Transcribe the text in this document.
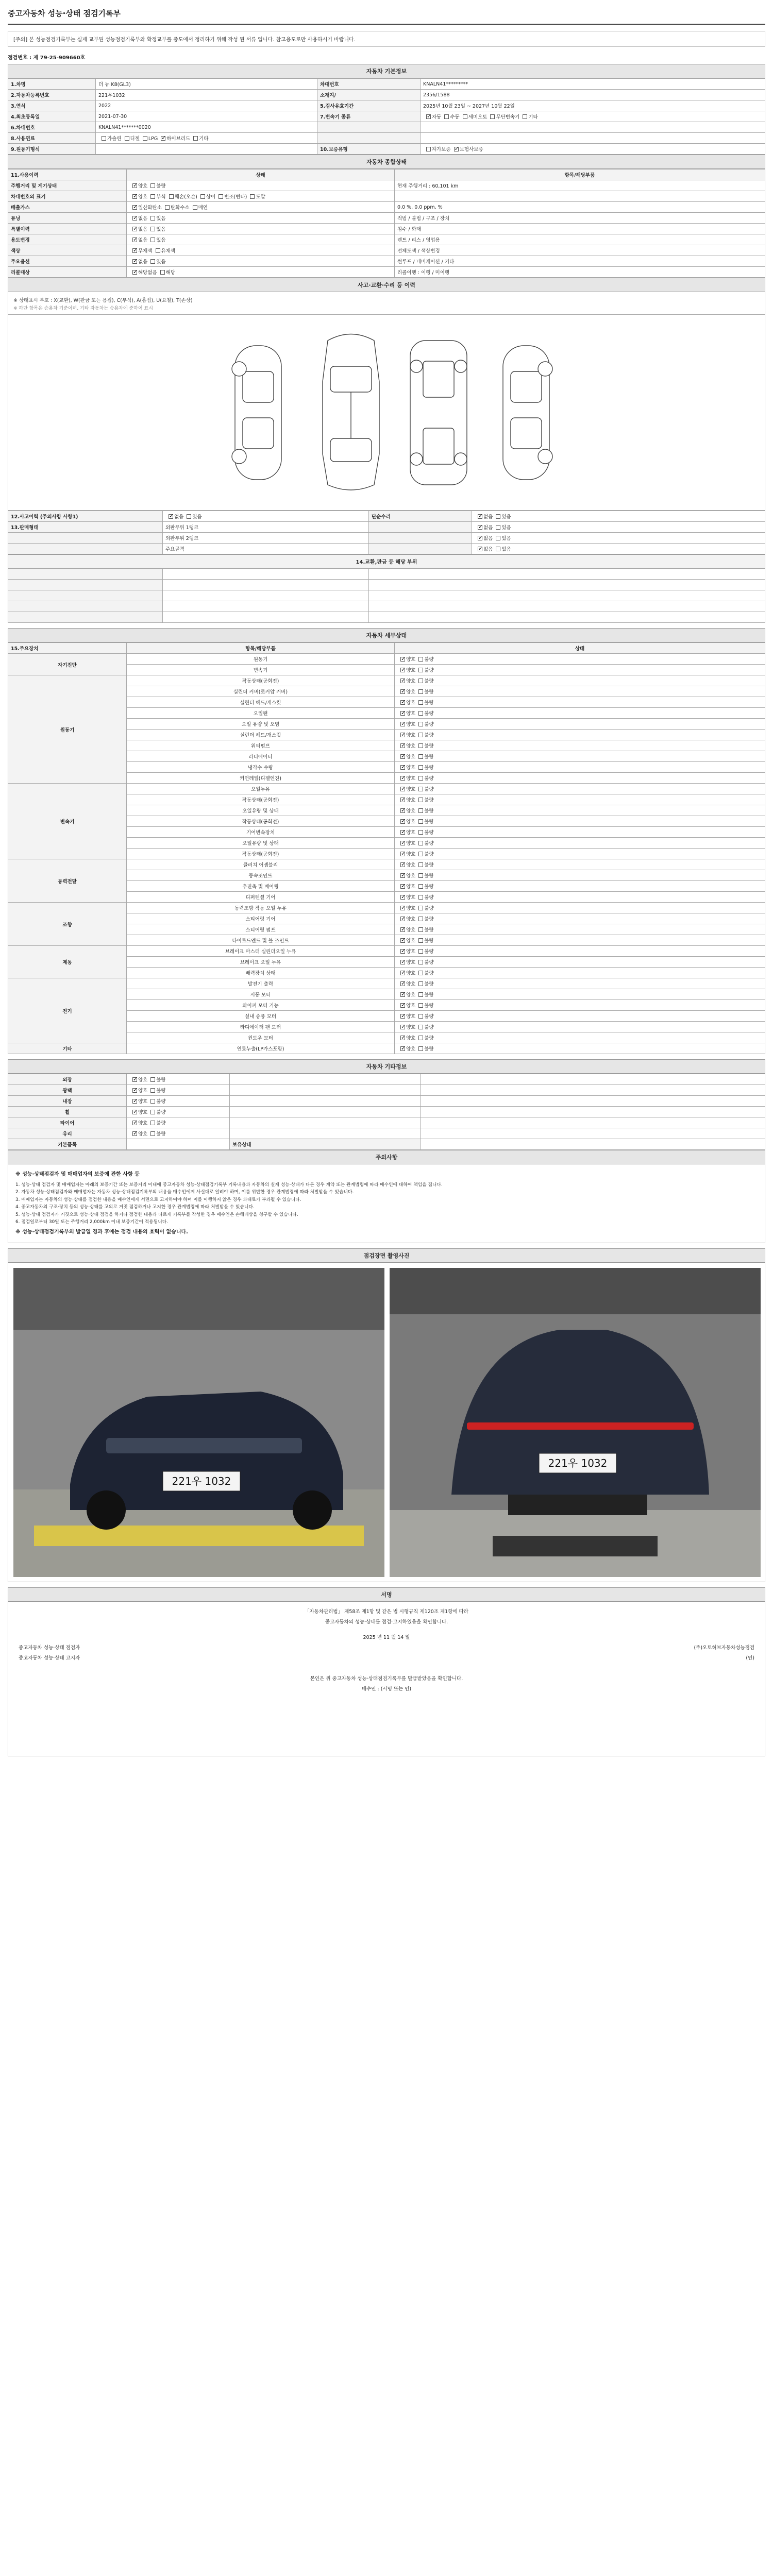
중고자동차 성능·상태 점검기록부
[주의] 본 성능점검기록부는 실제 교부된 성능점검기록부와 확정교부를 중도에서 정리하기 위해 작성 된 서류 입니다. 참고용도로만 사용하시기 바랍니다.
점검번호 : 제 79-25-909660호
자동차 기본정보
1.차명	더 뉴 K8(GL3)	차대번호	KNALN41*********
2.자동차등록번호	221우1032	소재지/	2356/1588
3.연식	2022	5.검사유효기간	2025년 10월 23일 ~ 2027년 10월 22일
4.최초등록일	2021-07-30	7.변속기 종류	✓자동 수동 세미오토 무단변속기 기타
6.차대번호	KNALN41*******0020		
8.사용연료	가솔린 디젤 LPG ✓ 하이브리드 기타		
9.원동기형식		10.보증유형	자가보증 ✓ 보험사보증
자동차 종합상태
11.사용이력	상태	항목/해당부품
주행거리 및 계기상태	✓양호 불량	현재 주행거리 : 60,101 km
차대번호의 표기	✓양호 부식 훼손(오손) 상이 변조(변타) 도말	
배출가스	✓일산화탄소 탄화수소 매연	0.0 %, 0.0 ppm, %
튜닝	✓없음 있음	적법 / 불법 / 구조 / 장치
특별이력	✓없음 있음	침수 / 화재
용도변경	✓없음 있음	렌트 / 리스 / 영업용
색상	✓무채색 유채색	전체도색 / 색상변경
주요옵션	✓없음 있음	썬루프 / 네비게이션 / 기타
리콜대상	✓해당없음 해당	리콜이행 : 이행 / 미이행
사고·교환·수리 등 이력
※ 상태표시 부호 : X(교환), W(판금 또는 용접), C(부식), A(흠집), U(요철), T(손상)
※ 하단 항목은 승용차 기준이며, 기타 자동차는 승용차에 준하여 표시
12.사고이력 (주의사항 사항1)	✓없음 있음	단순수리	✓없음 있음
13.판매형태	외판부위 1랭크		✓없음 있음
	외판부위 2랭크		✓없음 있음
	주요골격		✓없음 있음
14.교환,판금 등 해당 부위

자동차 세부상태
15.주요장치	항목/해당부품	상태
자기진단	원동기	✓양호 불량
	변속기	✓양호 불량
원동기	작동상태(공회전)	✓양호 불량
	실린더 커버(로커암 커버)	✓양호 불량
	실린더 헤드/개스킷	✓양호 불량
	오일팬	✓양호 불량
	오일 유량 및 오염	✓양호 불량
	실린더 헤드/개스킷	✓양호 불량
	워터펌프	✓양호 불량
	라디에이터	✓양호 불량
	냉각수 수량	✓양호 불량
	커먼레일(디젤엔진)	✓양호 불량
변속기	오일누유	✓양호 불량
	작동상태(공회전)	✓양호 불량
	오일유량 및 상태	✓양호 불량
	작동상태(공회전)	✓양호 불량
	기어변속장치	✓양호 불량
	오일유량 및 상태	✓양호 불량
	작동상태(공회전)	✓양호 불량
동력전달	클러치 어셈블리	✓양호 불량
	등속조인트	✓양호 불량
	추진축 및 베어링	✓양호 불량
	디퍼렌셜 기어	✓양호 불량
조향	동력조향 작동 오일 누유	✓양호 불량
	스티어링 기어	✓양호 불량
	스티어링 펌프	✓양호 불량
	타이로드엔드 및 볼 조인트	✓양호 불량
제동	브레이크 마스터 실린더오일 누유	✓양호 불량
	브레이크 오일 누유	✓양호 불량
	배력장치 상태	✓양호 불량
전기	발전기 출력	✓양호 불량
	시동 모터	✓양호 불량
	와이퍼 모터 기능	✓양호 불량
	실내 송풍 모터	✓양호 불량
	라디에이터 팬 모터	✓양호 불량
	윈도우 모터	✓양호 불량
기타	연료누출(LP가스포함)	✓양호 불량
자동차 기타정보
외장	✓양호 불량		
광택	✓양호 불량		
내장	✓양호 불량		
휠	✓양호 불량		
타이어	✓양호 불량		
유리	✓양호 불량		
기본품목		보유상태	
주의사항
※ 성능·상태점검자 및 매매업자의 보증에 관한 사항 등

1. 성능·상태 점검자 및 매매업자는 아래의 보증기간 또는 보증거리 이내에 중고자동차 성능·상태점검기록부 기록내용과 자동차의 실제 성능·상태가 다른 경우 계약 또는 관계법령에 따라 매수인에 대하여 책임을 집니다.

2. 자동차 성능·상태점검자와 매매업자는 자동차 성능·상태점검기록부의 내용을 매수인에게 사실대로 알려야 하며, 이를 위반한 경우 관계법령에 따라 처벌받을 수 있습니다.

3. 매매업자는 자동차의 성능·상태를 점검한 내용을 매수인에게 서면으로 고지하여야 하며 이를 이행하지 않은 경우 과태료가 부과될 수 있습니다.

4. 중고자동차의 구조·장치 등의 성능·상태를 고의로 거짓 점검하거나 고지한 경우 관계법령에 따라 처벌받을 수 있습니다.

5. 성능·상태 점검자가 거짓으로 성능·상태 점검을 하거나 점검한 내용과 다르게 기록부를 작성한 경우 매수인은 손해배상을 청구할 수 있습니다.

6. 점검일로부터 30일 또는 주행거리 2,000km 이내 보증기간이 적용됩니다.

※ 성능·상태점검기록부의 발급일 경과 후에는 점검 내용의 효력이 없습니다.
점검장면 촬영사진
221우 1032
221우 1032
서명
「자동차관리법」 제58조 제1항 및 같은 법 시행규칙 제120조 제1항에 따라
중고자동차의 성능·상태를 점검·고지하였음을 확인합니다.
2025 년 11 월 14 일
중고자동차 성능·상태 점검자	(주)오토허브자동차성능점검
중고자동차 성능·상태 고지자	(인)
본인은 위 중고자동차 성능·상태점검기록부를 발급받았음을 확인합니다.
매수인 : (서명 또는 인)
